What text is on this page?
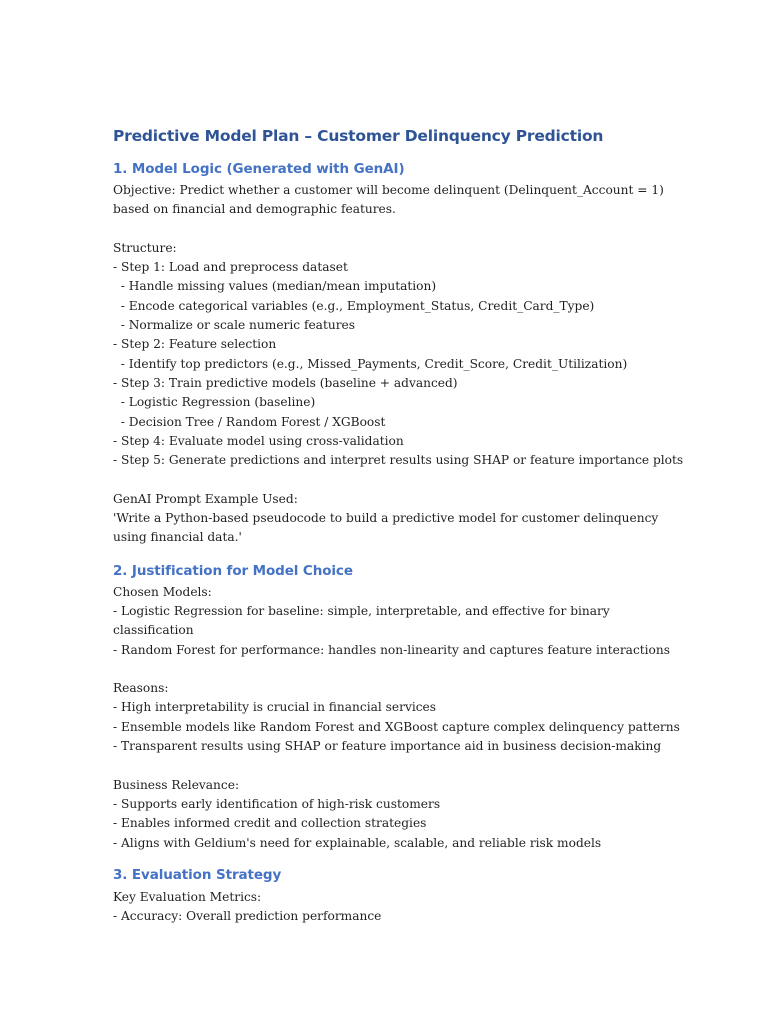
Predictive Model Plan – Customer Delinquency Prediction
1. Model Logic (Generated with GenAI)

Objective: Predict whether a customer will become delinquent (Delinquent_Account = 1)

based on financial and demographic features.

Structure:

- Step 1: Load and preprocess dataset

- Handle missing values (median/mean imputation)

- Encode categorical variables (e.g., Employment_Status, Credit_Card_Type)

- Normalize or scale numeric features

- Step 2: Feature selection

- Identify top predictors (e.g., Missed_Payments, Credit_Score, Credit_Utilization)

- Step 3: Train predictive models (baseline + advanced)

- Logistic Regression (baseline)

- Decision Tree / Random Forest / XGBoost

- Step 4: Evaluate model using cross-validation

- Step 5: Generate predictions and interpret results using SHAP or feature importance plots

GenAI Prompt Example Used:

'Write a Python-based pseudocode to build a predictive model for customer delinquency

using financial data.'

2. Justification for Model Choice

Chosen Models:

- Logistic Regression for baseline: simple, interpretable, and effective for binary

classification

- Random Forest for performance: handles non-linearity and captures feature interactions

Reasons:

- High interpretability is crucial in financial services

- Ensemble models like Random Forest and XGBoost capture complex delinquency patterns

- Transparent results using SHAP or feature importance aid in business decision-making

Business Relevance:

- Supports early identification of high-risk customers

- Enables informed credit and collection strategies

- Aligns with Geldium's need for explainable, scalable, and reliable risk models

3. Evaluation Strategy

Key Evaluation Metrics:

- Accuracy: Overall prediction performance
